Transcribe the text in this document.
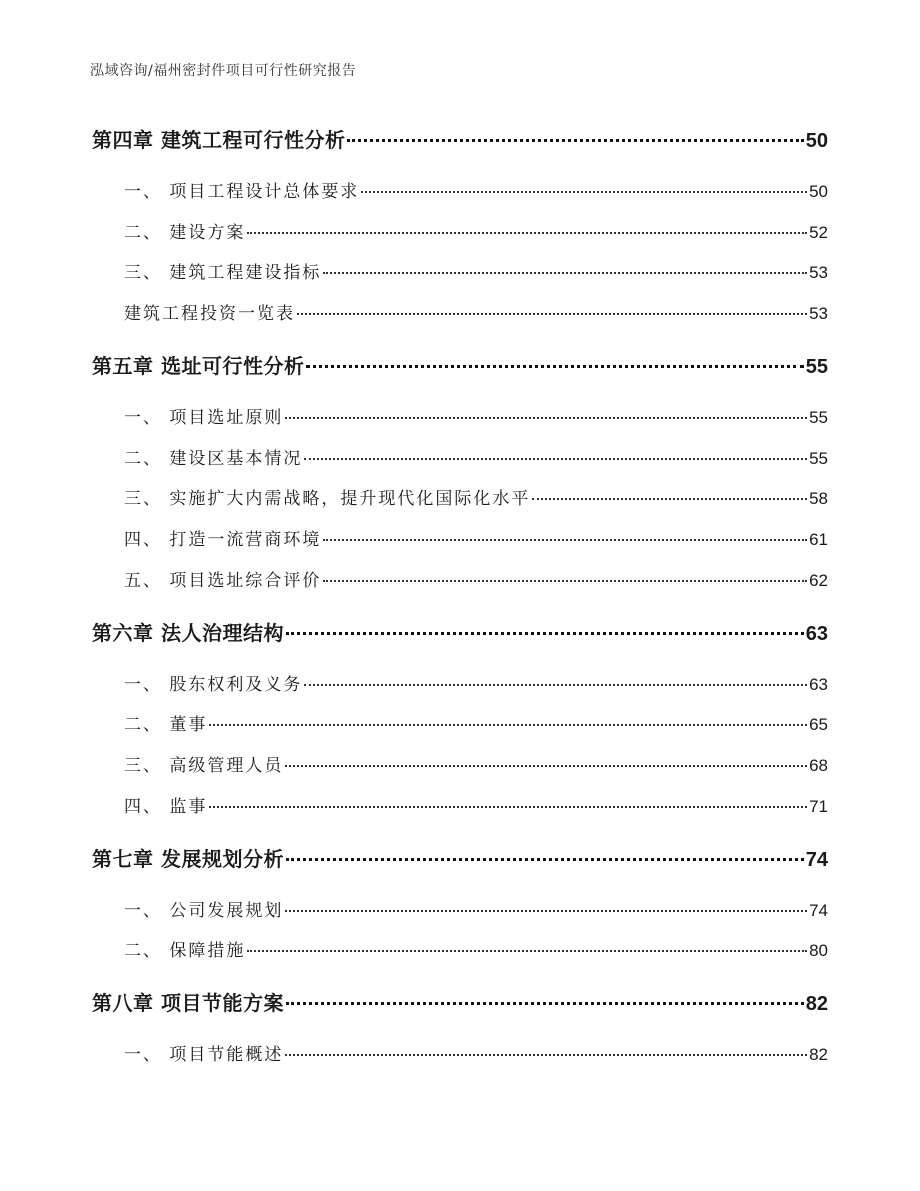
泓域咨询/福州密封件项目可行性研究报告
第四章 建筑工程可行性分析	50
一、 项目工程设计总体要求	50
二、 建设方案	52
三、 建筑工程建设指标	53
建筑工程投资一览表	53
第五章 选址可行性分析	55
一、 项目选址原则	55
二、 建设区基本情况	55
三、 实施扩大内需战略，提升现代化国际化水平	58
四、 打造一流营商环境	61
五、 项目选址综合评价	62
第六章 法人治理结构	63
一、 股东权利及义务	63
二、 董事	65
三、 高级管理人员	68
四、 监事	71
第七章 发展规划分析	74
一、 公司发展规划	74
二、 保障措施	80
第八章 项目节能方案	82
一、 项目节能概述	82
